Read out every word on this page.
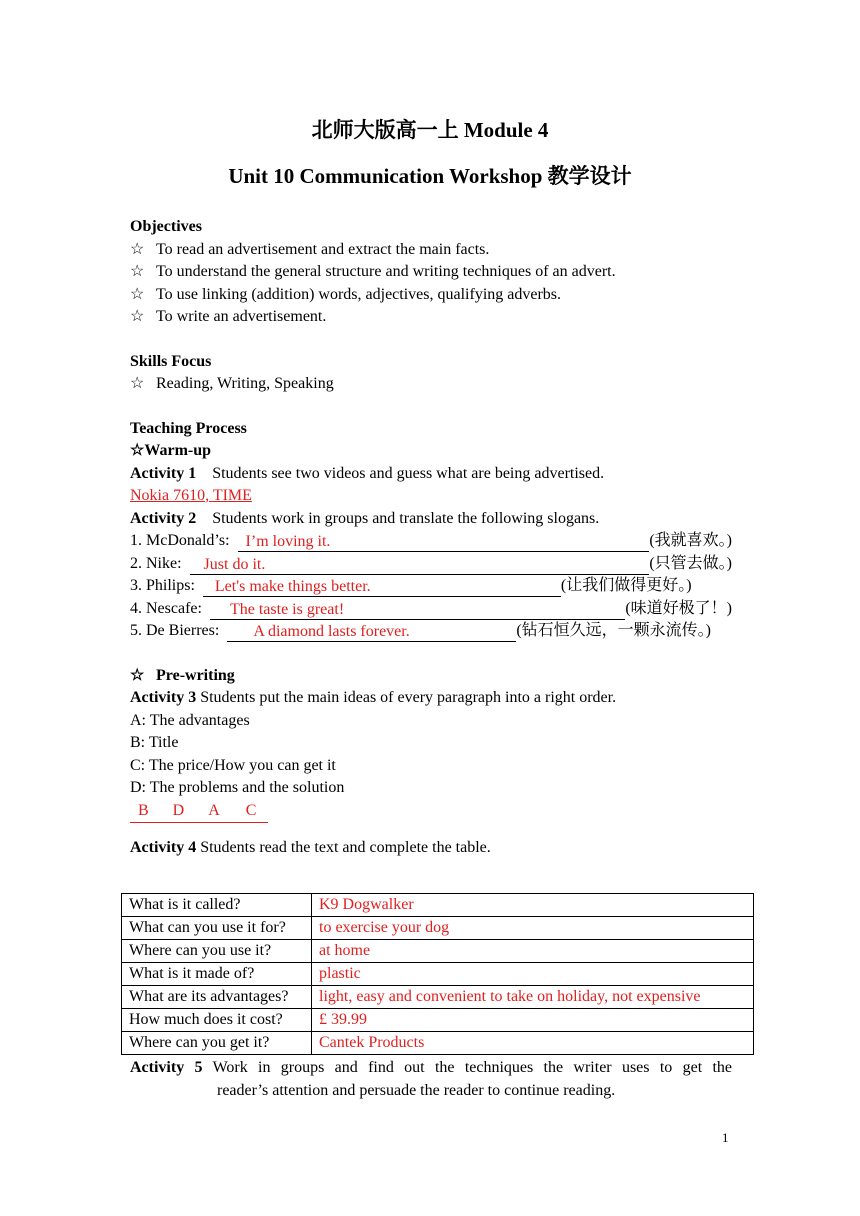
北师大版高一上 Module 4
Unit 10 Communication Workshop 教学设计
Objectives
☆ To read an advertisement and extract the main facts.
☆ To understand the general structure and writing techniques of an advert.
☆ To use linking (addition) words, adjectives, qualifying adverbs.
☆ To write an advertisement.
Skills Focus
☆ Reading, Writing, Speaking
Teaching Process
☆Warm-up
Activity 1 Students see two videos and guess what are being advertised.
Nokia 7610, TIME
Activity 2 Students work in groups and translate the following slogans.
1. McDonald’s:
	I’m loving it.	(我就喜欢。)
2. Nike:
	Just do it.	(只管去做。)
3. Philips:
	Let's make things better.	(让我们做得更好。)
4. Nescafe:
	The taste is great!	(味道好极了！)
5. De Bierres:
	A diamond lasts forever.	(钻石恒久远，一颗永流传。)
☆ Pre-writing
Activity 3 Students put the main ideas of every paragraph into a right order.
A: The advantages
B: Title
C: The price/How you can get it
D: The problems and the solution
B D A C
Activity 4 Students read the text and complete the table.
What is it called?	K9 Dogwalker
What can you use it for?	to exercise your dog
Where can you use it?	at home
What is it made of?	plastic
What are its advantages?	light, easy and convenient to take on holiday, not expensive
How much does it cost?	£ 39.99
Where can you get it?	Cantek Products
Activity 5 Work in groups and find out the techniques the writer uses to get the
reader’s attention and persuade the reader to continue reading.
1
